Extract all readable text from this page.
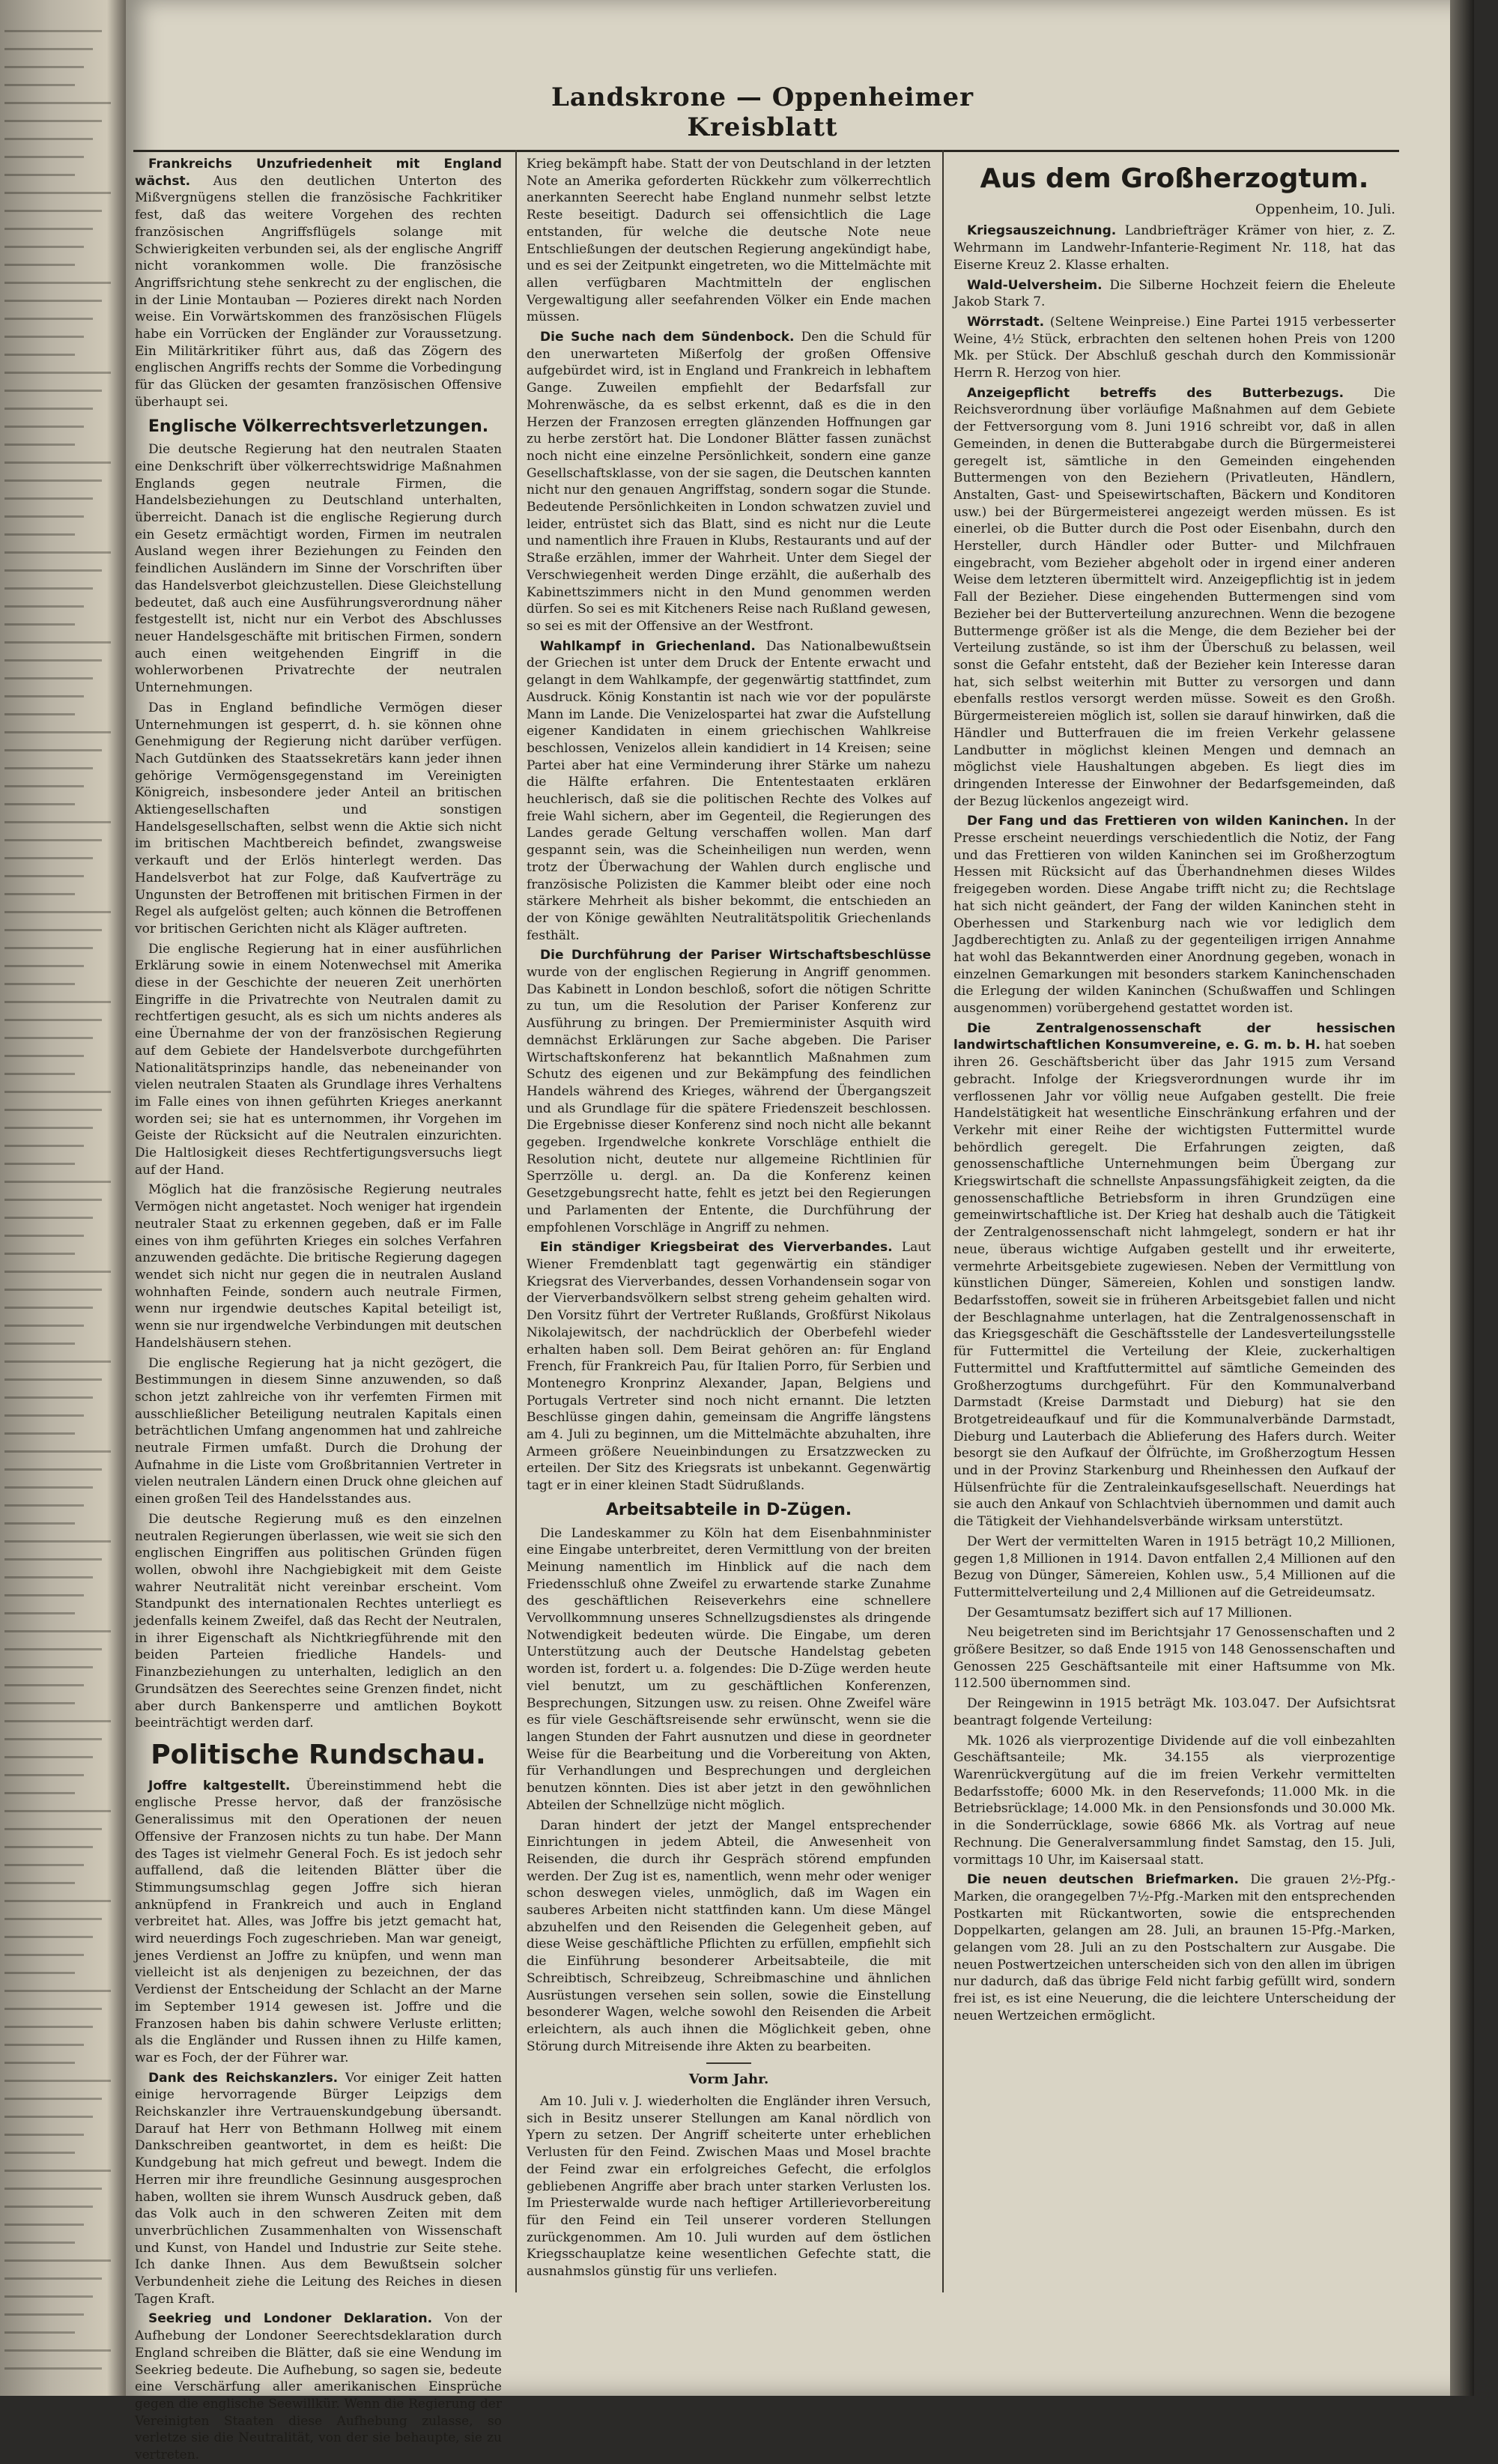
Landskrone — Oppenheimer Kreisblatt

Frankreichs Unzufriedenheit mit England wächst. Aus den deutlichen Unterton des Mißvergnügens stellen die französische Fachkritiker fest, daß das weitere Vorgehen des rechten französischen Angriffsflügels solange mit Schwierigkeiten verbunden sei, als der englische Angriff nicht vorankommen wolle. Die französische Angriffsrichtung stehe senkrecht zu der englischen, die in der Linie Montauban — Pozieres direkt nach Norden weise. Ein Vorwärtskommen des französischen Flügels habe ein Vorrücken der Engländer zur Voraussetzung. Ein Militärkritiker führt aus, daß das Zögern des englischen Angriffs rechts der Somme die Vorbedingung für das Glücken der gesamten französischen Offensive überhaupt sei.

Englische Völkerrechtsverletzungen.

Die deutsche Regierung hat den neutralen Staaten eine Denkschrift über völkerrechtswidrige Maßnahmen Englands gegen neutrale Firmen, die Handelsbeziehungen zu Deutschland unterhalten, überreicht. Danach ist die englische Regierung durch ein Gesetz ermächtigt worden, Firmen im neutralen Ausland wegen ihrer Beziehungen zu Feinden den feindlichen Ausländern im Sinne der Vorschriften über das Handelsverbot gleichzustellen. Diese Gleichstellung bedeutet, daß auch eine Ausführungsverordnung näher festgestellt ist, nicht nur ein Verbot des Abschlusses neuer Handelsgeschäfte mit britischen Firmen, sondern auch einen weitgehenden Eingriff in die wohlerworbenen Privatrechte der neutralen Unternehmungen.

Das in England befindliche Vermögen dieser Unternehmungen ist gesperrt, d. h. sie können ohne Genehmigung der Regierung nicht darüber verfügen. Nach Gutdünken des Staatssekretärs kann jeder ihnen gehörige Vermögensgegenstand im Vereinigten Königreich, insbesondere jeder Anteil an britischen Aktiengesellschaften und sonstigen Handelsgesellschaften, selbst wenn die Aktie sich nicht im britischen Machtbereich befindet, zwangsweise verkauft und der Erlös hinterlegt werden. Das Handelsverbot hat zur Folge, daß Kaufverträge zu Ungunsten der Betroffenen mit britischen Firmen in der Regel als aufgelöst gelten; auch können die Betroffenen vor britischen Gerichten nicht als Kläger auftreten.

Die englische Regierung hat in einer ausführlichen Erklärung sowie in einem Notenwechsel mit Amerika diese in der Geschichte der neueren Zeit unerhörten Eingriffe in die Privatrechte von Neutralen damit zu rechtfertigen gesucht, als es sich um nichts anderes als eine Übernahme der von der französischen Regierung auf dem Gebiete der Handelsverbote durchgeführten Nationalitätsprinzips handle, das nebeneinander von vielen neutralen Staaten als Grundlage ihres Verhaltens im Falle eines von ihnen geführten Krieges anerkannt worden sei; sie hat es unternommen, ihr Vorgehen im Geiste der Rücksicht auf die Neutralen einzurichten. Die Haltlosigkeit dieses Rechtfertigungsversuchs liegt auf der Hand.

Möglich hat die französische Regierung neutrales Vermögen nicht angetastet. Noch weniger hat irgendein neutraler Staat zu erkennen gegeben, daß er im Falle eines von ihm geführten Krieges ein solches Verfahren anzuwenden gedächte. Die britische Regierung dagegen wendet sich nicht nur gegen die in neutralen Ausland wohnhaften Feinde, sondern auch neutrale Firmen, wenn nur irgendwie deutsches Kapital beteiligt ist, wenn sie nur irgendwelche Verbindungen mit deutschen Handelshäusern stehen.

Die englische Regierung hat ja nicht gezögert, die Bestimmungen in diesem Sinne anzuwenden, so daß schon jetzt zahlreiche von ihr verfemten Firmen mit ausschließlicher Beteiligung neutralen Kapitals einen beträchtlichen Umfang angenommen hat und zahlreiche neutrale Firmen umfaßt. Durch die Drohung der Aufnahme in die Liste vom Großbritannien Vertreter in vielen neutralen Ländern einen Druck ohne gleichen auf einen großen Teil des Handelsstandes aus.

Die deutsche Regierung muß es den einzelnen neutralen Regierungen überlassen, wie weit sie sich den englischen Eingriffen aus politischen Gründen fügen wollen, obwohl ihre Nachgiebigkeit mit dem Geiste wahrer Neutralität nicht vereinbar erscheint. Vom Standpunkt des internationalen Rechtes unterliegt es jedenfalls keinem Zweifel, daß das Recht der Neutralen, in ihrer Eigenschaft als Nichtkriegführende mit den beiden Parteien friedliche Handels- und Finanzbeziehungen zu unterhalten, lediglich an den Grundsätzen des Seerechtes seine Grenzen findet, nicht aber durch Bankensperre und amtlichen Boykott beeinträchtigt werden darf.

Politische Rundschau.

Joffre kaltgestellt. Übereinstimmend hebt die englische Presse hervor, daß der französische Generalissimus mit den Operationen der neuen Offensive der Franzosen nichts zu tun habe. Der Mann des Tages ist vielmehr General Foch. Es ist jedoch sehr auffallend, daß die leitenden Blätter über die Stimmungsumschlag gegen Joffre sich hieran anknüpfend in Frankreich und auch in England verbreitet hat. Alles, was Joffre bis jetzt gemacht hat, wird neuerdings Foch zugeschrieben. Man war geneigt, jenes Verdienst an Joffre zu knüpfen, und wenn man vielleicht ist als denjenigen zu bezeichnen, der das Verdienst der Entscheidung der Schlacht an der Marne im September 1914 gewesen ist. Joffre und die Franzosen haben bis dahin schwere Verluste erlitten; als die Engländer und Russen ihnen zu Hilfe kamen, war es Foch, der der Führer war.

Dank des Reichskanzlers. Vor einiger Zeit hatten einige hervorragende Bürger Leipzigs dem Reichskanzler ihre Vertrauenskundgebung übersandt. Darauf hat Herr von Bethmann Hollweg mit einem Dankschreiben geantwortet, in dem es heißt: Die Kundgebung hat mich gefreut und bewegt. Indem die Herren mir ihre freundliche Gesinnung ausgesprochen haben, wollten sie ihrem Wunsch Ausdruck geben, daß das Volk auch in den schweren Zeiten mit dem unverbrüchlichen Zusammenhalten von Wissenschaft und Kunst, von Handel und Industrie zur Seite stehe. Ich danke Ihnen. Aus dem Bewußtsein solcher Verbundenheit ziehe die Leitung des Reiches in diesen Tagen Kraft.

Seekrieg und Londoner Deklaration. Von der Aufhebung der Londoner Seerechtsdeklaration durch England schreiben die Blätter, daß sie eine Wendung im Seekrieg bedeute. Die Aufhebung, so sagen sie, bedeute eine Verschärfung aller amerikanischen Einsprüche gegen die englische Seewillkür. Wenn die Regierung der Vereinigten Staaten diese Aufhebung zulasse, so verletze sie die Neutralität, von der sie behaupte, sie zu vertreten.

Krieg bekämpft habe. Statt der von Deutschland in der letzten Note an Amerika geforderten Rückkehr zum völkerrechtlich anerkannten Seerecht habe England nunmehr selbst letzte Reste beseitigt. Dadurch sei offensichtlich die Lage entstanden, für welche die deutsche Note neue Entschließungen der deutschen Regierung angekündigt habe, und es sei der Zeitpunkt eingetreten, wo die Mittelmächte mit allen verfügbaren Machtmitteln der englischen Vergewaltigung aller seefahrenden Völker ein Ende machen müssen.

Die Suche nach dem Sündenbock. Den die Schuld für den unerwarteten Mißerfolg der großen Offensive aufgebürdet wird, ist in England und Frankreich in lebhaftem Gange. Zuweilen empfiehlt der Bedarfsfall zur Mohrenwäsche, da es selbst erkennt, daß es die in den Herzen der Franzosen erregten glänzenden Hoffnungen gar zu herbe zerstört hat. Die Londoner Blätter fassen zunächst noch nicht eine einzelne Persönlichkeit, sondern eine ganze Gesellschaftsklasse, von der sie sagen, die Deutschen kannten nicht nur den genauen Angriffstag, sondern sogar die Stunde. Bedeutende Persönlichkeiten in London schwatzen zuviel und leider, entrüstet sich das Blatt, sind es nicht nur die Leute und namentlich ihre Frauen in Klubs, Restaurants und auf der Straße erzählen, immer der Wahrheit. Unter dem Siegel der Verschwiegenheit werden Dinge erzählt, die außerhalb des Kabinettszimmers nicht in den Mund genommen werden dürfen. So sei es mit Kitcheners Reise nach Rußland gewesen, so sei es mit der Offensive an der Westfront.

Wahlkampf in Griechenland. Das Nationalbewußtsein der Griechen ist unter dem Druck der Entente erwacht und gelangt in dem Wahlkampfe, der gegenwärtig stattfindet, zum Ausdruck. König Konstantin ist nach wie vor der populärste Mann im Lande. Die Venizelospartei hat zwar die Aufstellung eigener Kandidaten in einem griechischen Wahlkreise beschlossen, Venizelos allein kandidiert in 14 Kreisen; seine Partei aber hat eine Verminderung ihrer Stärke um nahezu die Hälfte erfahren. Die Ententestaaten erklären heuchlerisch, daß sie die politischen Rechte des Volkes auf freie Wahl sichern, aber im Gegenteil, die Regierungen des Landes gerade Geltung verschaffen wollen. Man darf gespannt sein, was die Scheinheiligen nun werden, wenn trotz der Überwachung der Wahlen durch englische und französische Polizisten die Kammer bleibt oder eine noch stärkere Mehrheit als bisher bekommt, die entschieden an der von Könige gewählten Neutralitätspolitik Griechenlands festhält.

Die Durchführung der Pariser Wirtschaftsbeschlüsse wurde von der englischen Regierung in Angriff genommen. Das Kabinett in London beschloß, sofort die nötigen Schritte zu tun, um die Resolution der Pariser Konferenz zur Ausführung zu bringen. Der Premierminister Asquith wird demnächst Erklärungen zur Sache abgeben. Die Pariser Wirtschaftskonferenz hat bekanntlich Maßnahmen zum Schutz des eigenen und zur Bekämpfung des feindlichen Handels während des Krieges, während der Übergangszeit und als Grundlage für die spätere Friedenszeit beschlossen. Die Ergebnisse dieser Konferenz sind noch nicht alle bekannt gegeben. Irgendwelche konkrete Vorschläge enthielt die Resolution nicht, deutete nur allgemeine Richtlinien für Sperrzölle u. dergl. an. Da die Konferenz keinen Gesetzgebungsrecht hatte, fehlt es jetzt bei den Regierungen und Parlamenten der Entente, die Durchführung der empfohlenen Vorschläge in Angriff zu nehmen.

Ein ständiger Kriegsbeirat des Vierverbandes. Laut Wiener Fremdenblatt tagt gegenwärtig ein ständiger Kriegsrat des Vierverbandes, dessen Vorhandensein sogar von der Vierverbandsvölkern selbst streng geheim gehalten wird. Den Vorsitz führt der Vertreter Rußlands, Großfürst Nikolaus Nikolajewitsch, der nachdrücklich der Oberbefehl wieder erhalten haben soll. Dem Beirat gehören an: für England French, für Frankreich Pau, für Italien Porro, für Serbien und Montenegro Kronprinz Alexander, Japan, Belgiens und Portugals Vertreter sind noch nicht ernannt. Die letzten Beschlüsse gingen dahin, gemeinsam die Angriffe längstens am 4. Juli zu beginnen, um die Mittelmächte abzuhalten, ihre Armeen größere Neueinbindungen zu Ersatzzwecken zu erteilen. Der Sitz des Kriegsrats ist unbekannt. Gegenwärtig tagt er in einer kleinen Stadt Südrußlands.

Arbeitsabteile in D-Zügen.

Die Landeskammer zu Köln hat dem Eisenbahnminister eine Eingabe unterbreitet, deren Vermittlung von der breiten Meinung namentlich im Hinblick auf die nach dem Friedensschluß ohne Zweifel zu erwartende starke Zunahme des geschäftlichen Reiseverkehrs eine schnellere Vervollkommnung unseres Schnellzugsdienstes als dringende Notwendigkeit bedeuten würde. Die Eingabe, um deren Unterstützung auch der Deutsche Handelstag gebeten worden ist, fordert u. a. folgendes: Die D-Züge werden heute viel benutzt, um zu geschäftlichen Konferenzen, Besprechungen, Sitzungen usw. zu reisen. Ohne Zweifel wäre es für viele Geschäftsreisende sehr erwünscht, wenn sie die langen Stunden der Fahrt ausnutzen und diese in geordneter Weise für die Bearbeitung und die Vorbereitung von Akten, für Verhandlungen und Besprechungen und dergleichen benutzen könnten. Dies ist aber jetzt in den gewöhnlichen Abteilen der Schnellzüge nicht möglich.

Daran hindert der jetzt der Mangel entsprechender Einrichtungen in jedem Abteil, die Anwesenheit von Reisenden, die durch ihr Gespräch störend empfunden werden. Der Zug ist es, namentlich, wenn mehr oder weniger schon deswegen vieles, unmöglich, daß im Wagen ein sauberes Arbeiten nicht stattfinden kann. Um diese Mängel abzuhelfen und den Reisenden die Gelegenheit geben, auf diese Weise geschäftliche Pflichten zu erfüllen, empfiehlt sich die Einführung besonderer Arbeitsabteile, die mit Schreibtisch, Schreibzeug, Schreibmaschine und ähnlichen Ausrüstungen versehen sein sollen, sowie die Einstellung besonderer Wagen, welche sowohl den Reisenden die Arbeit erleichtern, als auch ihnen die Möglichkeit geben, ohne Störung durch Mitreisende ihre Akten zu bearbeiten.

Vorm Jahr.

Am 10. Juli v. J. wiederholten die Engländer ihren Versuch, sich in Besitz unserer Stellungen am Kanal nördlich von Ypern zu setzen. Der Angriff scheiterte unter erheblichen Verlusten für den Feind. Zwischen Maas und Mosel brachte der Feind zwar ein erfolgreiches Gefecht, die erfolglos gebliebenen Angriffe aber brach unter starken Verlusten los. Im Priesterwalde wurde nach heftiger Artillerievorbereitung für den Feind ein Teil unserer vorderen Stellungen zurückgenommen. Am 10. Juli wurden auf dem östlichen Kriegsschauplatze keine wesentlichen Gefechte statt, die ausnahmslos günstig für uns verliefen.

Aus dem Großherzogtum.
Oppenheim, 10. Juli.

Kriegsauszeichnung. Landbriefträger Krämer von hier, z. Z. Wehrmann im Landwehr-Infanterie-Regiment Nr. 118, hat das Eiserne Kreuz 2. Klasse erhalten.

Wald-Uelversheim. Die Silberne Hochzeit feiern die Eheleute Jakob Stark 7.

Wörrstadt. (Seltene Weinpreise.) Eine Partei 1915 verbesserter Weine, 4½ Stück, erbrachten den seltenen hohen Preis von 1200 Mk. per Stück. Der Abschluß geschah durch den Kommissionär Herrn R. Herzog von hier.

Anzeigepflicht betreffs des Butterbezugs. Die Reichsverordnung über vorläufige Maßnahmen auf dem Gebiete der Fettversorgung vom 8. Juni 1916 schreibt vor, daß in allen Gemeinden, in denen die Butterabgabe durch die Bürgermeisterei geregelt ist, sämtliche in den Gemeinden eingehenden Buttermengen von den Beziehern (Privatleuten, Händlern, Anstalten, Gast- und Speisewirtschaften, Bäckern und Konditoren usw.) bei der Bürgermeisterei angezeigt werden müssen. Es ist einerlei, ob die Butter durch die Post oder Eisenbahn, durch den Hersteller, durch Händler oder Butter- und Milchfrauen eingebracht, vom Bezieher abgeholt oder in irgend einer anderen Weise dem letzteren übermittelt wird. Anzeigepflichtig ist in jedem Fall der Bezieher. Diese eingehenden Buttermengen sind vom Bezieher bei der Butterverteilung anzurechnen. Wenn die bezogene Buttermenge größer ist als die Menge, die dem Bezieher bei der Verteilung zustände, so ist ihm der Überschuß zu belassen, weil sonst die Gefahr entsteht, daß der Bezieher kein Interesse daran hat, sich selbst weiterhin mit Butter zu versorgen und dann ebenfalls restlos versorgt werden müsse. Soweit es den Großh. Bürgermeistereien möglich ist, sollen sie darauf hinwirken, daß die Händler und Butterfrauen die im freien Verkehr gelassene Landbutter in möglichst kleinen Mengen und demnach an möglichst viele Haushaltungen abgeben. Es liegt dies im dringenden Interesse der Einwohner der Bedarfsgemeinden, daß der Bezug lückenlos angezeigt wird.

Der Fang und das Frettieren von wilden Kaninchen. In der Presse erscheint neuerdings verschiedentlich die Notiz, der Fang und das Frettieren von wilden Kaninchen sei im Großherzogtum Hessen mit Rücksicht auf das Überhandnehmen dieses Wildes freigegeben worden. Diese Angabe trifft nicht zu; die Rechtslage hat sich nicht geändert, der Fang der wilden Kaninchen steht in Oberhessen und Starkenburg nach wie vor lediglich dem Jagdberechtigten zu. Anlaß zu der gegenteiligen irrigen Annahme hat wohl das Bekanntwerden einer Anordnung gegeben, wonach in einzelnen Gemarkungen mit besonders starkem Kaninchenschaden die Erlegung der wilden Kaninchen (Schußwaffen und Schlingen ausgenommen) vorübergehend gestattet worden ist.

Die Zentralgenossenschaft der hessischen landwirtschaftlichen Konsumvereine, e. G. m. b. H. hat soeben ihren 26. Geschäftsbericht über das Jahr 1915 zum Versand gebracht. Infolge der Kriegsverordnungen wurde ihr im verflossenen Jahr vor völlig neue Aufgaben gestellt. Die freie Handelstätigkeit hat wesentliche Einschränkung erfahren und der Verkehr mit einer Reihe der wichtigsten Futtermittel wurde behördlich geregelt. Die Erfahrungen zeigten, daß genossenschaftliche Unternehmungen beim Übergang zur Kriegswirtschaft die schnellste Anpassungsfähigkeit zeigten, da die genossenschaftliche Betriebsform in ihren Grundzügen eine gemeinwirtschaftliche ist. Der Krieg hat deshalb auch die Tätigkeit der Zentralgenossenschaft nicht lahmgelegt, sondern er hat ihr neue, überaus wichtige Aufgaben gestellt und ihr erweiterte, vermehrte Arbeitsgebiete zugewiesen. Neben der Vermittlung von künstlichen Dünger, Sämereien, Kohlen und sonstigen landw. Bedarfsstoffen, soweit sie in früheren Arbeitsgebiet fallen und nicht der Beschlagnahme unterlagen, hat die Zentralgenossenschaft in das Kriegsgeschäft die Geschäftsstelle der Landesverteilungsstelle für Futtermittel die Verteilung der Kleie, zuckerhaltigen Futtermittel und Kraftfuttermittel auf sämtliche Gemeinden des Großherzogtums durchgeführt. Für den Kommunalverband Darmstadt (Kreise Darmstadt und Dieburg) hat sie den Brotgetreideaufkauf und für die Kommunalverbände Darmstadt, Dieburg und Lauterbach die Ablieferung des Hafers durch. Weiter besorgt sie den Aufkauf der Ölfrüchte, im Großherzogtum Hessen und in der Provinz Starkenburg und Rheinhessen den Aufkauf der Hülsenfrüchte für die Zentraleinkaufsgesellschaft. Neuerdings hat sie auch den Ankauf von Schlachtvieh übernommen und damit auch die Tätigkeit der Viehhandelsverbände wirksam unterstützt.

Der Wert der vermittelten Waren in 1915 beträgt 10,2 Millionen, gegen 1,8 Millionen in 1914. Davon entfallen 2,4 Millionen auf den Bezug von Dünger, Sämereien, Kohlen usw., 5,4 Millionen auf die Futtermittelverteilung und 2,4 Millionen auf die Getreideumsatz.

Der Gesamtumsatz beziffert sich auf 17 Millionen.

Neu beigetreten sind im Berichtsjahr 17 Genossenschaften und 2 größere Besitzer, so daß Ende 1915 von 148 Genossenschaften und Genossen 225 Geschäftsanteile mit einer Haftsumme von Mk. 112.500 übernommen sind.

Der Reingewinn in 1915 beträgt Mk. 103.047. Der Aufsichtsrat beantragt folgende Verteilung:

Mk. 1026 als vierprozentige Dividende auf die voll einbezahlten Geschäftsanteile; Mk. 34.155 als vierprozentige Warenrückvergütung auf die im freien Verkehr vermittelten Bedarfsstoffe; 6000 Mk. in den Reservefonds; 11.000 Mk. in die Betriebsrücklage; 14.000 Mk. in den Pensionsfonds und 30.000 Mk. in die Sonderrücklage, sowie 6866 Mk. als Vortrag auf neue Rechnung. Die Generalversammlung findet Samstag, den 15. Juli, vormittags 10 Uhr, im Kaisersaal statt.

Die neuen deutschen Briefmarken. Die grauen 2½-Pfg.-Marken, die orangegelben 7½-Pfg.-Marken mit den entsprechenden Postkarten mit Rückantworten, sowie die entsprechenden Doppelkarten, gelangen am 28. Juli, an braunen 15-Pfg.-Marken, gelangen vom 28. Juli an zu den Postschaltern zur Ausgabe. Die neuen Postwertzeichen unterscheiden sich von den allen im übrigen nur dadurch, daß das übrige Feld nicht farbig gefüllt wird, sondern frei ist, es ist eine Neuerung, die die leichtere Unterscheidung der neuen Wertzeichen ermöglicht.
